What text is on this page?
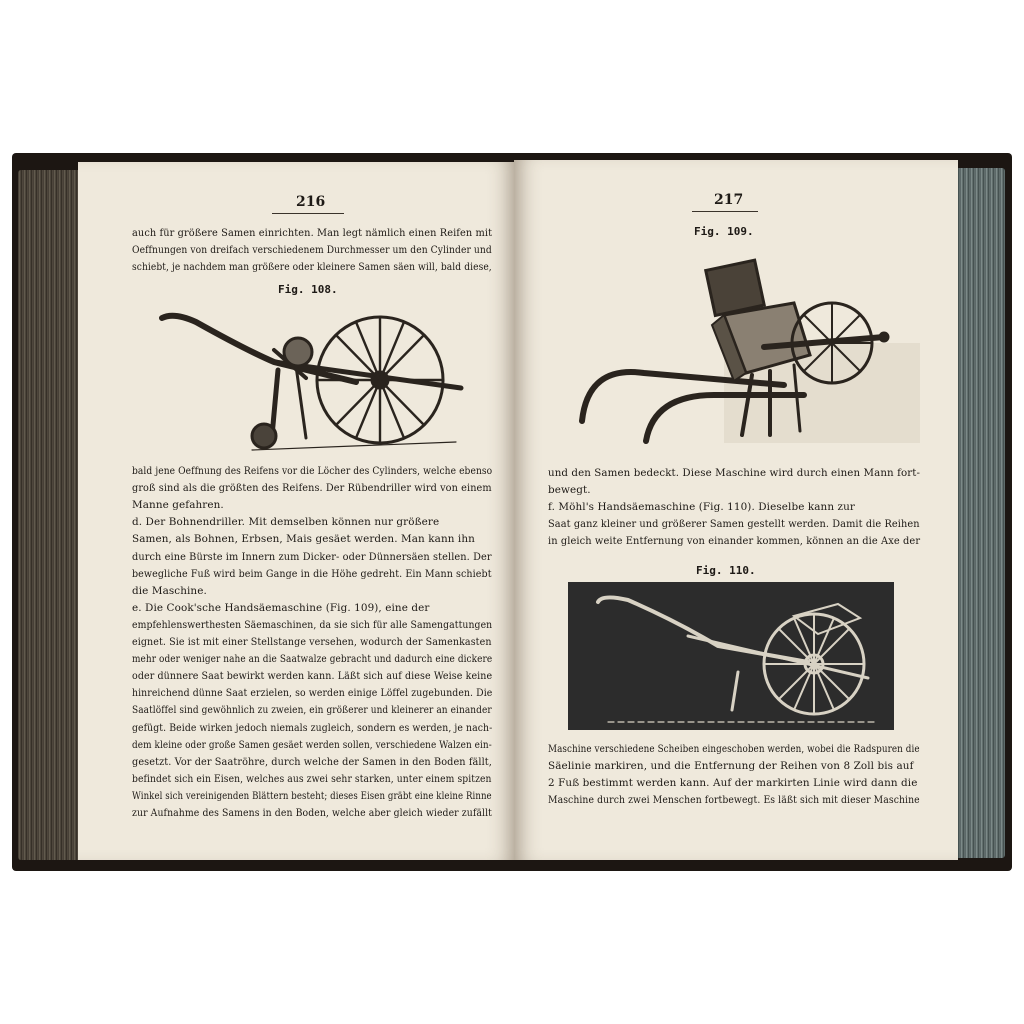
216
auch für größere Samen einrichten. Man legt nämlich einen Reifen mit
Oeffnungen von dreifach verschiedenem Durchmesser um den Cylinder und
schiebt, je nachdem man größere oder kleinere Samen säen will, bald diese,
Fig. 108.
bald jene Oeffnung des Reifens vor die Löcher des Cylinders, welche ebenso
groß sind als die größten des Reifens. Der Rübendriller wird von einem
Manne gefahren.
d. Der Bohnendriller. Mit demselben können nur größere
Samen, als Bohnen, Erbsen, Mais gesäet werden. Man kann ihn
durch eine Bürste im Innern zum Dicker- oder Dünnersäen stellen. Der
bewegliche Fuß wird beim Gange in die Höhe gedreht. Ein Mann schiebt
die Maschine.
e. Die Cook'sche Handsäemaschine (Fig. 109), eine der
empfehlenswerthesten Säemaschinen, da sie sich für alle Samengattungen
eignet. Sie ist mit einer Stellstange versehen, wodurch der Samenkasten
mehr oder weniger nahe an die Saatwalze gebracht und dadurch eine dickere
oder dünnere Saat bewirkt werden kann. Läßt sich auf diese Weise keine
hinreichend dünne Saat erzielen, so werden einige Löffel zugebunden. Die
Saatlöffel sind gewöhnlich zu zweien, ein größerer und kleinerer an einander
gefügt. Beide wirken jedoch niemals zugleich, sondern es werden, je nach-
dem kleine oder große Samen gesäet werden sollen, verschiedene Walzen ein-
gesetzt. Vor der Saatröhre, durch welche der Samen in den Boden fällt,
befindet sich ein Eisen, welches aus zwei sehr starken, unter einem spitzen
Winkel sich vereinigenden Blättern besteht; dieses Eisen gräbt eine kleine Rinne
zur Aufnahme des Samens in den Boden, welche aber gleich wieder zufällt
217
Fig. 109.
und den Samen bedeckt. Diese Maschine wird durch einen Mann fort-
bewegt.
f. Möhl's Handsäemaschine (Fig. 110). Dieselbe kann zur
Saat ganz kleiner und größerer Samen gestellt werden. Damit die Reihen
in gleich weite Entfernung von einander kommen, können an die Axe der
Fig. 110.
Maschine verschiedene Scheiben eingeschoben werden, wobei die Radspuren die
Säelinie markiren, und die Entfernung der Reihen von 8 Zoll bis auf
2 Fuß bestimmt werden kann. Auf der markirten Linie wird dann die
Maschine durch zwei Menschen fortbewegt. Es läßt sich mit dieser Maschine
